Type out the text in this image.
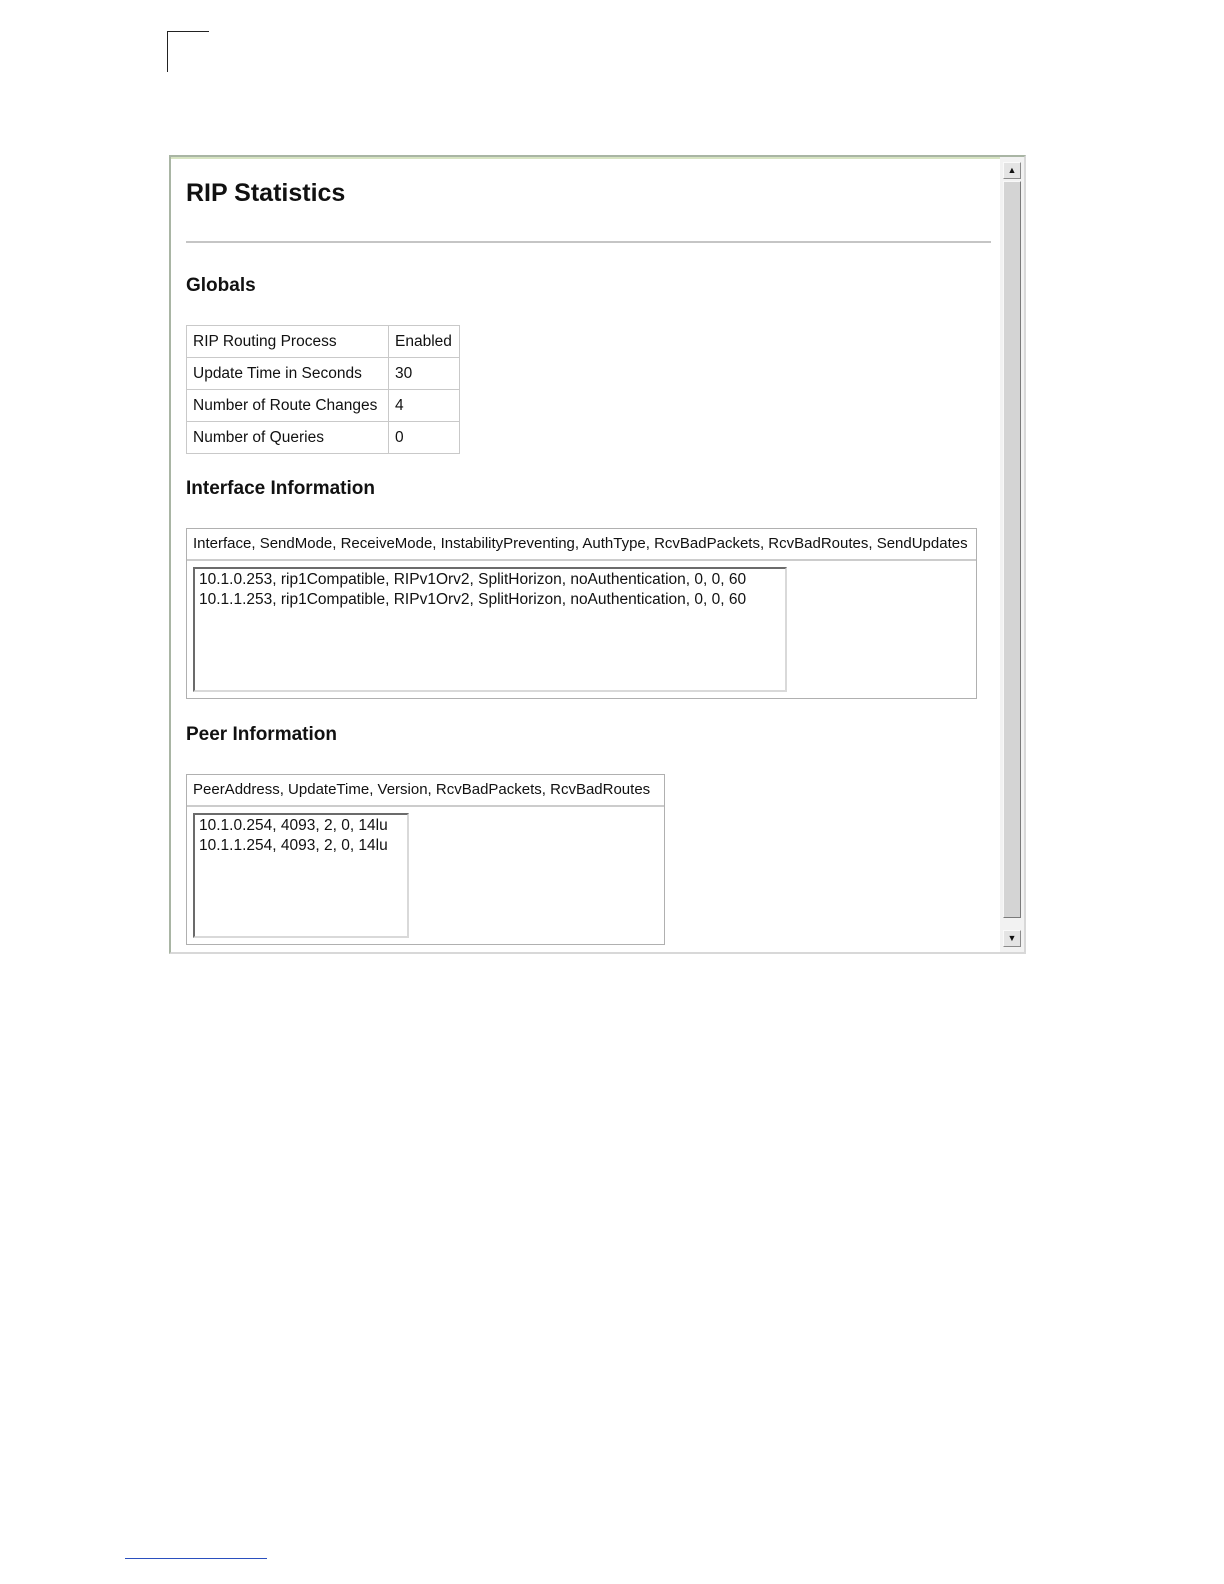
RIP Statistics
Globals
RIP Routing Process	Enabled
Update Time in Seconds	30
Number of Route Changes	4
Number of Queries	0
Interface Information
Interface, SendMode, ReceiveMode, InstabilityPreventing, AuthType, RcvBadPackets, RcvBadRoutes, SendUpdates
10.1.0.253, rip1Compatible, RIPv1Orv2, SplitHorizon, noAuthentication, 0, 0, 60
10.1.1.253, rip1Compatible, RIPv1Orv2, SplitHorizon, noAuthentication, 0, 0, 60
Peer Information
PeerAddress, UpdateTime, Version, RcvBadPackets, RcvBadRoutes
10.1.0.254, 4093, 2, 0, 14lu
10.1.1.254, 4093, 2, 0, 14lu
▲
▼
